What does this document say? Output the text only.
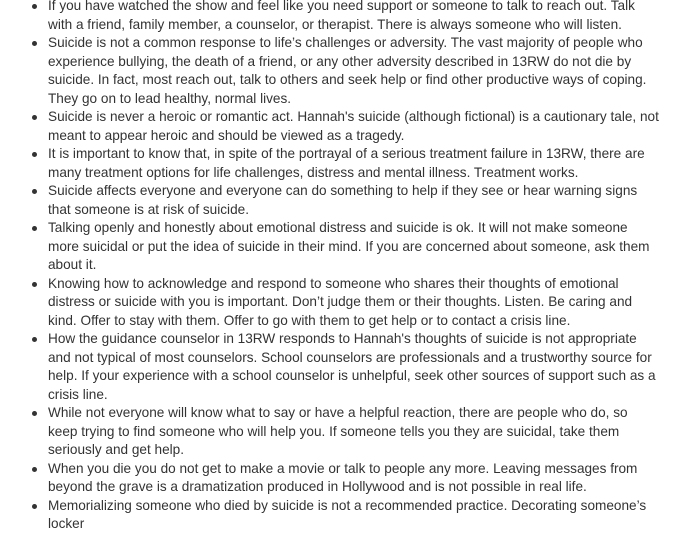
If you have watched the show and feel like you need support or someone to talk to reach out. Talk with a friend, family member, a counselor, or therapist. There is always someone who will listen.
Suicide is not a common response to life’s challenges or adversity. The vast majority of people who experience bullying, the death of a friend, or any other adversity described in 13RW do not die by suicide. In fact, most reach out, talk to others and seek help or find other productive ways of coping. They go on to lead healthy, normal lives.
Suicide is never a heroic or romantic act. Hannah's suicide (although fictional) is a cautionary tale, not meant to appear heroic and should be viewed as a tragedy.
It is important to know that, in spite of the portrayal of a serious treatment failure in 13RW, there are many treatment options for life challenges, distress and mental illness. Treatment works.
Suicide affects everyone and everyone can do something to help if they see or hear warning signs that someone is at risk of suicide.
Talking openly and honestly about emotional distress and suicide is ok. It will not make someone more suicidal or put the idea of suicide in their mind. If you are concerned about someone, ask them about it.
Knowing how to acknowledge and respond to someone who shares their thoughts of emotional distress or suicide with you is important. Don’t judge them or their thoughts. Listen. Be caring and kind. Offer to stay with them. Offer to go with them to get help or to contact a crisis line.
How the guidance counselor in 13RW responds to Hannah's thoughts of suicide is not appropriate and not typical of most counselors. School counselors are professionals and a trustworthy source for help. If your experience with a school counselor is unhelpful, seek other sources of support such as a crisis line.
While not everyone will know what to say or have a helpful reaction, there are people who do, so keep trying to find someone who will help you. If someone tells you they are suicidal, take them seriously and get help.
When you die you do not get to make a movie or talk to people any more. Leaving messages from beyond the grave is a dramatization produced in Hollywood and is not possible in real life.
Memorializing someone who died by suicide is not a recommended practice. Decorating someone’s locker
